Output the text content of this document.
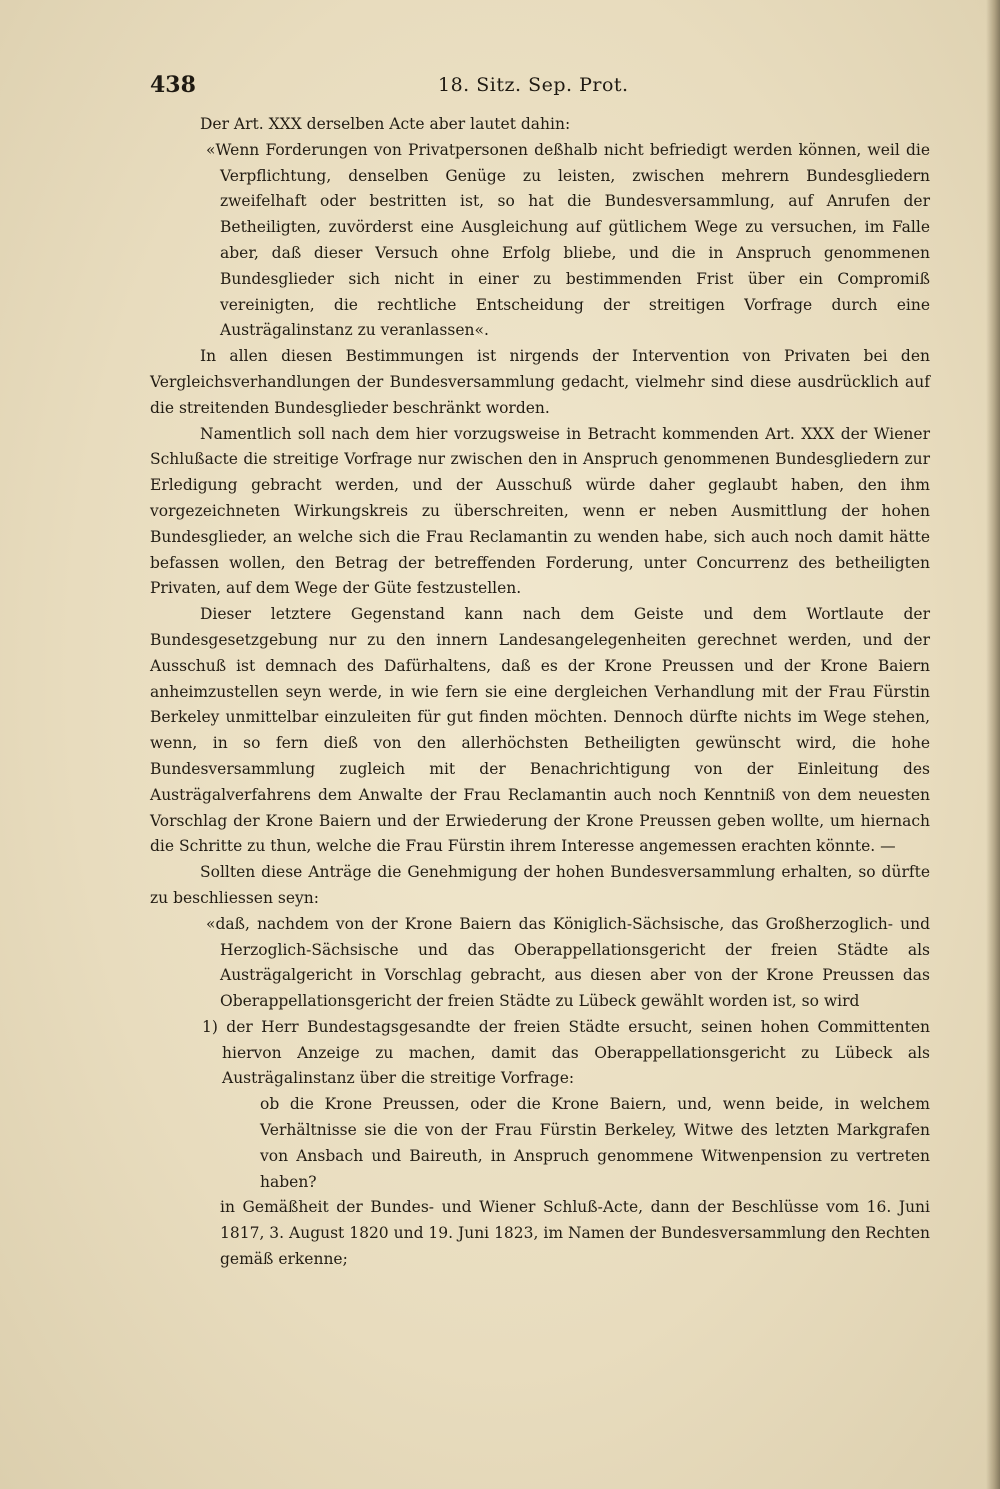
438	18. Sitz. Sep. Prot.

Der Art. XXX derselben Acte aber lautet dahin:

«Wenn Forderungen von Privatpersonen deßhalb nicht befriedigt werden können, weil die Verpflichtung, denselben Genüge zu leisten, zwischen mehrern Bundesgliedern zweifelhaft oder bestritten ist, so hat die Bundesversammlung, auf Anrufen der Betheiligten, zuvörderst eine Ausgleichung auf gütlichem Wege zu versuchen, im Falle aber, daß dieser Versuch ohne Erfolg bliebe, und die in Anspruch genommenen Bundesglieder sich nicht in einer zu bestimmenden Frist über ein Compromiß vereinigten, die rechtliche Entscheidung der streitigen Vorfrage durch eine Austrägalinstanz zu veranlassen«.

In allen diesen Bestimmungen ist nirgends der Intervention von Privaten bei den Vergleichsverhandlungen der Bundesversammlung gedacht, vielmehr sind diese ausdrücklich auf die streitenden Bundesglieder beschränkt worden.

Namentlich soll nach dem hier vorzugsweise in Betracht kommenden Art. XXX der Wiener Schlußacte die streitige Vorfrage nur zwischen den in Anspruch genommenen Bundesgliedern zur Erledigung gebracht werden, und der Ausschuß würde daher geglaubt haben, den ihm vorgezeichneten Wirkungskreis zu überschreiten, wenn er neben Ausmittlung der hohen Bundesglieder, an welche sich die Frau Reclamantin zu wenden habe, sich auch noch damit hätte befassen wollen, den Betrag der betreffenden Forderung, unter Concurrenz des betheiligten Privaten, auf dem Wege der Güte festzustellen.

Dieser letztere Gegenstand kann nach dem Geiste und dem Wortlaute der Bundesgesetzgebung nur zu den innern Landesangelegenheiten gerechnet werden, und der Ausschuß ist demnach des Dafürhaltens, daß es der Krone Preussen und der Krone Baiern anheimzustellen seyn werde, in wie fern sie eine dergleichen Verhandlung mit der Frau Fürstin Berkeley unmittelbar einzuleiten für gut finden möchten. Dennoch dürfte nichts im Wege stehen, wenn, in so fern dieß von den allerhöchsten Betheiligten gewünscht wird, die hohe Bundesversammlung zugleich mit der Benachrichtigung von der Einleitung des Austrägalverfahrens dem Anwalte der Frau Reclamantin auch noch Kenntniß von dem neuesten Vorschlag der Krone Baiern und der Erwiederung der Krone Preussen geben wollte, um hiernach die Schritte zu thun, welche die Frau Fürstin ihrem Interesse angemessen erachten könnte. —

Sollten diese Anträge die Genehmigung der hohen Bundesversammlung erhalten, so dürfte zu beschliessen seyn:

«daß, nachdem von der Krone Baiern das Königlich-Sächsische, das Großherzoglich- und Herzoglich-Sächsische und das Oberappellationsgericht der freien Städte als Austrägalgericht in Vorschlag gebracht, aus diesen aber von der Krone Preussen das Oberappellationsgericht der freien Städte zu Lübeck gewählt worden ist, so wird

1) der Herr Bundestagsgesandte der freien Städte ersucht, seinen hohen Committenten hiervon Anzeige zu machen, damit das Oberappellationsgericht zu Lübeck als Austrägalinstanz über die streitige Vorfrage:

ob die Krone Preussen, oder die Krone Baiern, und, wenn beide, in welchem Verhältnisse sie die von der Frau Fürstin Berkeley, Witwe des letzten Markgrafen von Ansbach und Baireuth, in Anspruch genommene Witwenpension zu vertreten haben?

in Gemäßheit der Bundes- und Wiener Schluß-Acte, dann der Beschlüsse vom 16. Juni 1817, 3. August 1820 und 19. Juni 1823, im Namen der Bundesversammlung den Rechten gemäß erkenne;
